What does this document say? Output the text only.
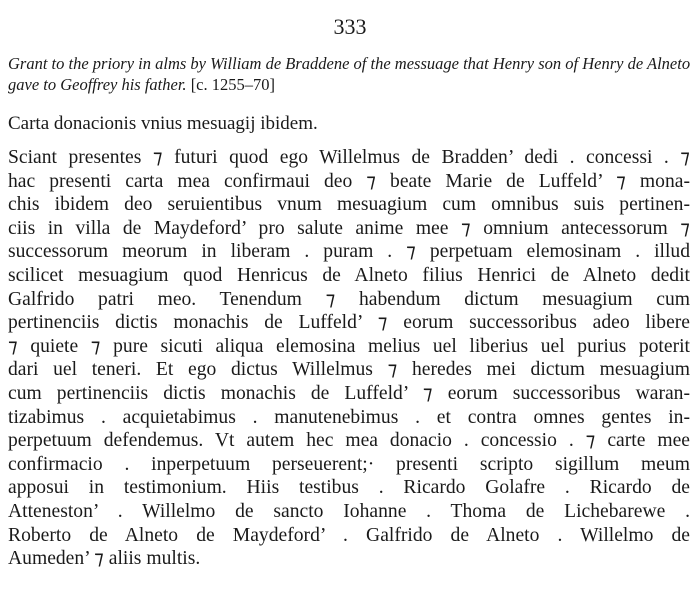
333
Grant to the priory in alms by William de Braddene of the messuage that Henry son of Henry de Alneto gave to Geoffrey his father. [c. 1255–70]
Carta donacionis vnius mesuagij ibidem.
Sciant presentes ⁊ futuri quod ego Willelmus de Bradden’ dedi . concessi . ⁊
hac presenti carta mea confirmaui deo ⁊ beate Marie de Luffeld’ ⁊ mona-
chis ibidem deo seruientibus vnum mesuagium cum omnibus suis pertinen-
ciis in villa de Maydeford’ pro salute anime mee ⁊ omnium antecessorum ⁊
successorum meorum in liberam . puram . ⁊ perpetuam elemosinam . illud
scilicet mesuagium quod Henricus de Alneto filius Henrici de Alneto dedit
Galfrido patri meo. Tenendum ⁊ habendum dictum mesuagium cum
pertinenciis dictis monachis de Luffeld’ ⁊ eorum successoribus adeo libere
⁊ quiete ⁊ pure sicuti aliqua elemosina melius uel liberius uel purius poterit
dari uel teneri. Et ego dictus Willelmus ⁊ heredes mei dictum mesuagium
cum pertinenciis dictis monachis de Luffeld’ ⁊ eorum successoribus waran-
tizabimus . acquietabimus . manutenebimus . et contra omnes gentes in-
perpetuum defendemus. Vt autem hec mea donacio . concessio . ⁊ carte mee
confirmacio . inperpetuum perseuerent;· presenti scripto sigillum meum
apposui in testimonium. Hiis testibus . Ricardo Golafre . Ricardo de
Atteneston’ . Willelmo de sancto Iohanne . Thoma de Lichebarewe .
Roberto de Alneto de Maydeford’ . Galfrido de Alneto . Willelmo de
Aumeden’ ⁊ aliis multis.
